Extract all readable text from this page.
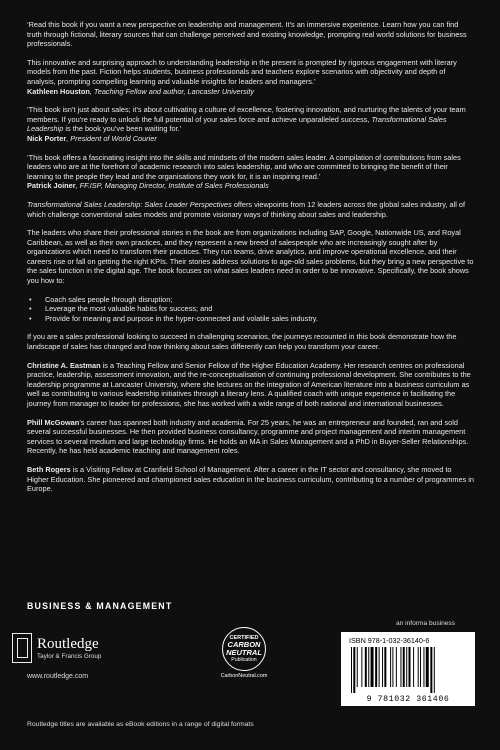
‘Read this book if you want a new perspective on leadership and management. It’s an immersive experience. Learn how you can find truth through fictional, literary sources that can challenge perceived and existing knowledge, prompting real world solutions for business professionals.

This innovative and surprising approach to understanding leadership in the present is prompted by rigorous engagement with literary models from the past. Fiction helps students, business professionals and teachers explore scenarios with objectivity and depth of analysis, prompting compelling learning and valuable insights for leaders and managers.’

Kathleen Houston, Teaching Fellow and author, Lancaster University

‘This book isn’t just about sales; it’s about cultivating a culture of excellence, fostering innovation, and nurturing the talents of your team members. If you’re ready to unlock the full potential of your sales force and achieve unparalleled success, Transformational Sales Leadership is the book you’ve been waiting for.’

Nick Porter, President of World Courier

‘This book offers a fascinating insight into the skills and mindsets of the modern sales leader. A compilation of contributions from sales leaders who are at the forefront of academic research into sales leadership, and who are committed to bringing the benefit of their learning to the people they lead and the organisations they work for, it is an inspiring read.’

Patrick Joiner, FF.ISP, Managing Director, Institute of Sales Professionals

Transformational Sales Leadership: Sales Leader Perspectives offers viewpoints from 12 leaders across the global sales industry, all of which challenge conventional sales models and promote visionary ways of thinking about sales and leadership.

The leaders who share their professional stories in the book are from organizations including SAP, Google, Nationwide US, and Royal Caribbean, as well as their own practices, and they represent a new breed of salespeople who are increasingly sought after by organizations which need to transform their practices. They run teams, drive analytics, and improve operational excellence, and their careers rise or fall on getting the right KPIs. Their stories address solutions to age-old sales problems, but they bring a new perspective to the sales function in the digital age. The book focuses on what sales leaders need in order to be innovative. Specifically, the book shows you how to:

• Coach sales people through disruption;
• Leverage the most valuable habits for success; and
• Provide for meaning and purpose in the hyper-connected and volatile sales industry.

If you are a sales professional looking to succeed in challenging scenarios, the journeys recounted in this book demonstrate how the landscape of sales has changed and how thinking about sales differently can help you transform your career.

Christine A. Eastman is a Teaching Fellow and Senior Fellow of the Higher Education Academy. Her research centres on professional practice, leadership, assessment innovation, and the re-conceptualisation of continuing professional development. She contributes to the leadership programme at Lancaster University, where she lectures on the integration of American literature into a business curriculum as well as contributing to various leadership initiatives through a literary lens. A qualified coach with unique experience in facilitating the journey from manager to leader for professions, she has worked with a wide range of both national and international businesses.

Phill McGowan’s career has spanned both industry and academia. For 25 years, he was an entrepreneur and founded, ran and sold several successful businesses. He then provided business consultancy, programme and project management and interim management services to several medium and large technology firms. He holds an MA in Sales Management and a PhD in Buyer-Seller Relationships. Recently, he has held academic teaching and management roles.

Beth Rogers is a Visiting Fellow at Cranfield School of Management. After a career in the IT sector and consultancy, she moved to Higher Education. She pioneered and championed sales education in the business curriculum, contributing to a number of programmes in Europe.

BUSINESS & MANAGEMENT
Routledge
Taylor & Francis Group
www.routledge.com
CERTIFIED
CARBON
NEUTRAL
Publication
CarbonNeutral.com
an informa business
ISBN 978-1-032-36140-6
9 781032 361406
Routledge titles are available as eBook editions in a range of digital formats
